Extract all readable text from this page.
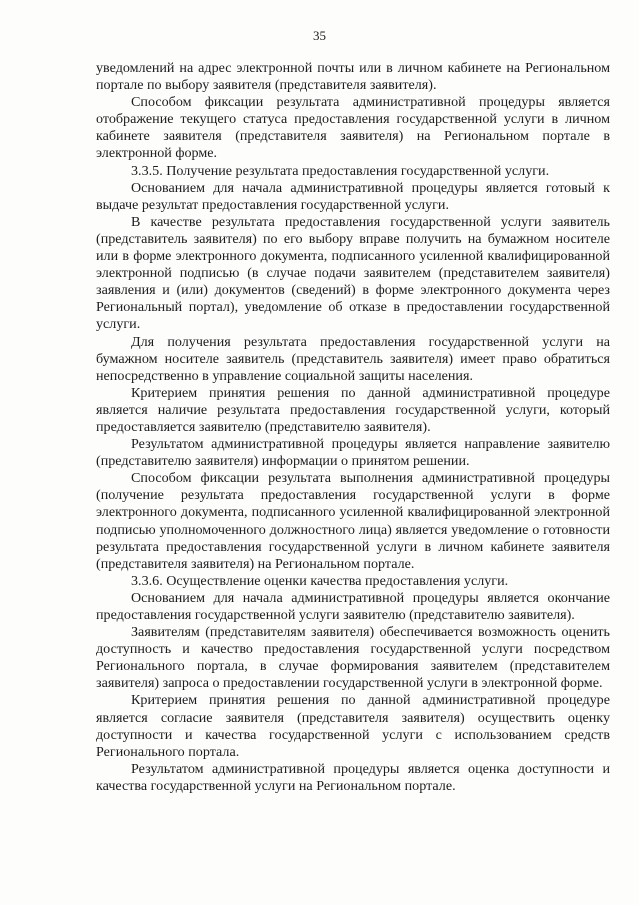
35

уведомлений на адрес электронной почты или в личном кабинете на Региональном портале по выбору заявителя (представителя заявителя).

Способом фиксации результата административной процедуры является отображение текущего статуса предоставления государственной услуги в личном кабинете заявителя (представителя заявителя) на Региональном портале в электронной форме.

3.3.5. Получение результата предоставления государственной услуги.

Основанием для начала административной процедуры является готовый к выдаче результат предоставления государственной услуги.

В качестве результата предоставления государственной услуги заявитель (представитель заявителя) по его выбору вправе получить на бумажном носителе или в форме электронного документа, подписанного усиленной квалифицированной электронной подписью (в случае подачи заявителем (представителем заявителя) заявления и (или) документов (сведений) в форме электронного документа через Региональный портал), уведомление об отказе в предоставлении государственной услуги.

Для получения результата предоставления государственной услуги на бумажном носителе заявитель (представитель заявителя) имеет право обратиться непосредственно в управление социальной защиты населения.

Критерием принятия решения по данной административной процедуре является наличие результата предоставления государственной услуги, который предоставляется заявителю (представителю заявителя).

Результатом административной процедуры является направление заявителю (представителю заявителя) информации о принятом решении.

Способом фиксации результата выполнения административной процедуры (получение результата предоставления государственной услуги в форме электронного документа, подписанного усиленной квалифицированной электронной подписью уполномоченного должностного лица) является уведомление о готовности результата предоставления государственной услуги в личном кабинете заявителя (представителя заявителя) на Региональном портале.

3.3.6. Осуществление оценки качества предоставления услуги.

Основанием для начала административной процедуры является окончание предоставления государственной услуги заявителю (представителю заявителя).

Заявителям (представителям заявителя) обеспечивается возможность оценить доступность и качество предоставления государственной услуги посредством Регионального портала, в случае формирования заявителем (представителем заявителя) запроса о предоставлении государственной услуги в электронной форме.

Критерием принятия решения по данной административной процедуре является согласие заявителя (представителя заявителя) осуществить оценку доступности и качества государственной услуги с использованием средств Регионального портала.

Результатом административной процедуры является оценка доступности и качества государственной услуги на Региональном портале.
